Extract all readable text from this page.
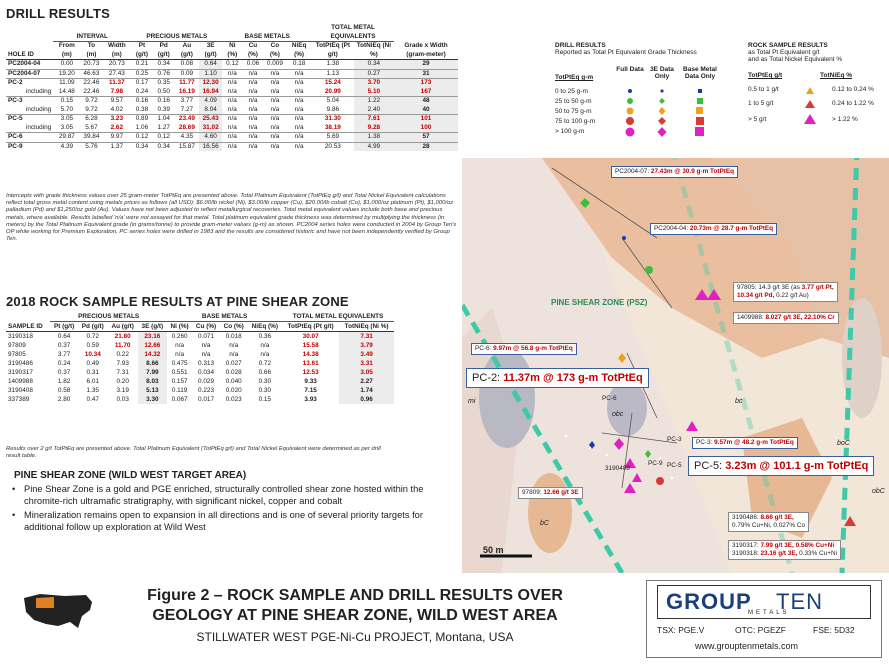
DRILL RESULTS
	INTERVAL			PRECIOUS METALS				BASE METALS				TOTAL METAL EQUIVALENTS		
HOLE ID	From (m)	To (m)	Width (m)	Pt (g/t)	Pd (g/t)	Au (g/t)	3E (g/t)	Ni (%)	Cu (%)	Co (%)	NiEq (%)	TotPtEq (Pt g/t)	TotNiEq (Ni %)	Grade x Width (gram-meter)
PC2004-04	0.00	20.73	20.73	0.21	0.34	0.08	0.64	0.12	0.06	0.009	0.18	1.38	0.34	29
PC2004-07	19.20	46.63	27.43	0.25	0.76	0.09	1.10	n/a	n/a	n/a	n/a	1.13	0.27	31
PC-2	11.09	22.46	11.37	0.17	0.35	11.77	12.30	n/a	n/a	n/a	n/a	15.24	3.70	173
including	14.48	22.46	7.98	0.24	0.50	16.19	16.94	n/a	n/a	n/a	n/a	20.99	5.10	167
PC-3	0.15	9.72	9.57	0.16	0.16	3.77	4.09	n/a	n/a	n/a	n/a	5.04	1.22	48
including	5.70	9.72	4.02	0.38	0.39	7.27	8.04	n/a	n/a	n/a	n/a	9.86	2.40	40
PC-5	3.05	6.28	3.23	0.89	1.04	23.49	25.43	n/a	n/a	n/a	n/a	31.30	7.61	101
including	3.05	5.67	2.62	1.06	1.27	28.69	31.02	n/a	n/a	n/a	n/a	38.19	9.28	100
PC-6	29.87	39.84	9.97	0.12	0.12	4.35	4.60	n/a	n/a	n/a	n/a	5.69	1.38	57
PC-9	4.39	5.76	1.37	0.34	0.34	15.87	16.56	n/a	n/a	n/a	n/a	20.53	4.99	28
Intercepts with grade thickness values over 25 gram-meter TotPtEq are presented above. Total Platinum Equivalent (TotPtEq g/t) and Total Nickel Equivalent calculations reflect total gross metal content using metals prices as follows (all USD): $6.00/lb nickel (Ni), $3.00/lb copper (Cu), $20.00/lb cobalt (Co), $1,000/oz platinum (Pt), $1,000/oz palladium (Pd) and $1,250/oz gold (Au). Values have not been adjusted to reflect metallurgical recoveries. Total metal equivalent values include both base and precious metals, where available. Results labelled 'n/a' were not assayed for that metal. Total platinum equivalent grade thickness was determined by multiplying the thickness (in meters) by the Total Platinum Equivalent grade (in grams/tonne) to provide gram-meter values (g-m) as shown. PC2004 series holes were conducted in 2004 by Group Ten's OP while working for Premium Exploration. PC series holes were drilled in 1983 and the results are considered historic and have not been independently verified by Group Ten.
2018 ROCK SAMPLE RESULTS AT PINE SHEAR ZONE
	PRECIOUS METALS				BASE METALS				TOTAL METAL EQUIVALENTS	
SAMPLE ID	Pt (g/t)	Pd (g/t)	Au (g/t)	3E (g/t)	Ni (%)	Cu (%)	Co (%)	NiEq (%)	TotPtEq (Pt g/t)	TotNiEq (Ni %)
3190318	0.64	0.72	21.80	23.16	0.260	0.071	0.018	0.36	30.07	7.31
97809	0.37	0.59	11.70	12.66	n/a	n/a	n/a	n/a	15.58	3.79
97805	3.77	10.34	0.22	14.32	n/a	n/a	n/a	n/a	14.38	3.49
3190486	0.24	0.49	7.93	8.66	0.475	0.313	0.027	0.72	13.61	3.31
3190317	0.37	0.31	7.31	7.99	0.551	0.034	0.028	0.66	12.53	3.05
1409988	1.82	6.01	0.20	8.03	0.157	0.029	0.040	0.30	9.33	2.27
3190408	0.58	1.35	3.19	5.13	0.119	0.223	0.020	0.30	7.15	1.74
337389	2.80	0.47	0.03	3.30	0.067	0.017	0.023	0.15	3.93	0.96
Results over 2 g/t TotPtEq are presented above. Total Platinum Equivalent (TotPtEq g/t) and Total Nickel Equivalent were determined as per drill result table.
PINE SHEAR ZONE (WILD WEST TARGET AREA)
• Pine Shear Zone is a gold and PGE enriched, structurally controlled shear zone hosted within the chromite-rich ultramafic stratigraphy, with significant nickel, copper and cobalt
• Mineralization remains open to expansion in all directions and is one of several priority targets for additional follow up exploration at Wild West
DRILL RESULTS
Reported as Total Pt Equivalent Grade Thickness
TotPtEq g-m
Full Data 3E Data Only
Base Metal Data Only
0 to 25 g-m
25 to 50 g-m
50 to 75 g-m
75 to 100 g-m
> 100 g-m
ROCK SAMPLE RESULTS
as Total Pt Equivalent g/t
and as Total Nickel Equivalent %
TotPtEq g/t	TotNiEq %
0.5 to 1 g/t	0.12 to 0.24 %
1 to 5 g/t	0.24 to 1.22 %
> 5 g/t	> 1.22 %
PINE SHEAR ZONE (PSZ)
mi
obc
bc
boC
obC
bC
PC-6
PC-9
3190408
50 m
PC2004-07: 27.43m @ 30.9 g-m TotPtEq
PC2004-04: 20.73m @ 28.7 g-m TotPtEq
97805: 14.3 g/t 3E (as 3.77 g/t Pt,
10.34 g/t Pd, 0.22 g/t Au)
1409988: 8.027 g/t 3E, 22.10% Cr
PC-6: 9.97m @ 56.8 g-m TotPtEq
PC-2: 11.37m @ 173 g-m TotPtEq
PC-3: 9.57m @ 48.2 g-m TotPtEq
PC-5: 3.23m @ 101.1 g-m TotPtEq
97809: 12.66 g/t 3E
3190486: 8.66 g/t 3E,
0.79% Cu+Ni, 0.027% Co
3190317: 7.99 g/t 3E, 0.58% Cu+Ni
3190318: 23.16 g/t 3E, 0.33% Cu+Ni
PC-3
PC-5
Figure 2 – ROCK SAMPLE AND DRILL RESULTS OVER
GEOLOGY AT PINE SHEAR ZONE, WILD WEST AREA
STILLWATER WEST PGE-Ni-Cu PROJECT, Montana, USA
GROUP TEN
METALS
TSX: PGE.V	OTC: PGEZF	FSE: 5D32
www.grouptenmetals.com
